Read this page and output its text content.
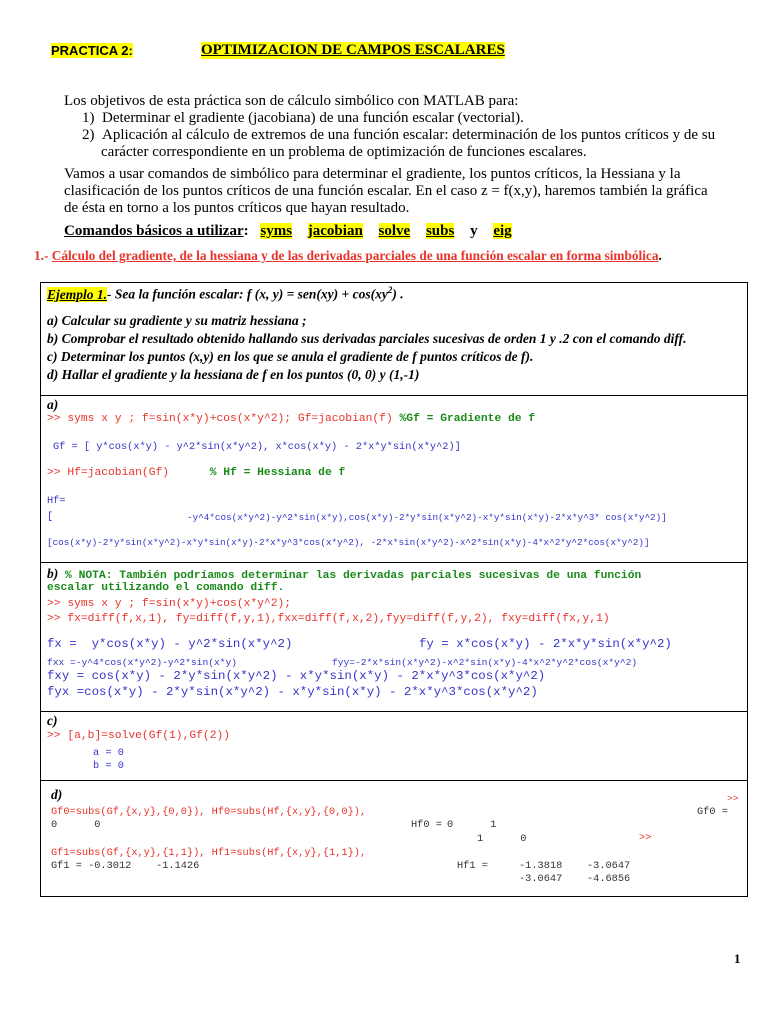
PRACTICA 2:	OPTIMIZACION DE CAMPOS ESCALARES
Los objetivos de esta práctica son de cálculo simbólico con MATLAB para:
1) Determinar el gradiente (jacobiana) de una función escalar (vectorial).
2) Aplicación al cálculo de extremos de una función escalar: determinación de los puntos críticos y de su
carácter correspondiente en un problema de optimización de funciones escalares.
Vamos a usar comandos de simbólico para determinar el gradiente, los puntos críticos, la Hessiana y la
clasificación de los puntos críticos de una función escalar. En el caso z = f(x,y), haremos también la gráfica
de ésta en torno a los puntos críticos que hayan resultado.
Comandos básicos a utilizar: syms jacobian solve subs y eig
1.- Cálculo del gradiente, de la hessiana y de las derivadas parciales de una función escalar en forma simbólica.
Ejemplo 1.- Sea la función escalar: f (x, $y) = sen(xy) + \cos(xy^2)$ .
a) Calcular su gradiente y su matriz hessiana ;
b) Comprobar el resultado obtenido hallando sus derivadas parciales sucesivas de orden 1 y .2 con el comando diff.
c) Determinar los puntos (x,y) en los que se anula el gradiente de f puntos críticos de f).
d) Hallar el gradiente y la hessiana de f en los puntos (0, 0) y (1,-1)
a)
>> syms x y ; f=sin(x*y)+cos(x*y^2); Gf=jacobian(f) %Gf = Gradiente de f
Gf = [ y*cos(x*y) - y^2*sin(x*y^2), x*cos(x*y) - 2*x*y*sin(x*y^2)]
>> Hf=jacobian(Gf)      % Hf = Hessiana de f
Hf=
[	-y^4*cos(x*y^2)-y^2*sin(x*y),cos(x*y)-2*y*sin(x*y^2)-x*y*sin(x*y)-2*x*y^3* cos(x*y^2)]
[cos(x*y)-2*y*sin(x*y^2)-x*y*sin(x*y)-2*x*y^3*cos(x*y^2), -2*x*sin(x*y^2)-x^2*sin(x*y)-4*x^2*y^2*cos(x*y^2)]
b) % NOTA: También podríamos determinar las derivadas parciales sucesivas de una función
escalar utilizando el comando diff.
>> syms x y ; f=sin(x*y)+cos(x*y^2);
>> fx=diff(f,x,1), fy=diff(f,y,1),fxx=diff(f,x,2),fyy=diff(f,y,2), fxy=diff(fx,y,1)
fx =  y*cos(x*y) - y^2*sin(x*y^2)	fy = x*cos(x*y) - 2*x*y*sin(x*y^2)
fxx =-y^4*cos(x*y^2)-y^2*sin(x*y)	fyy=-2*x*sin(x*y^2)-x^2*sin(x*y)-4*x^2*y^2*cos(x*y^2)
fxy = cos(x*y) - 2*y*sin(x*y^2) - x*y*sin(x*y) - 2*x*y^3*cos(x*y^2)
fyx =cos(x*y) - 2*y*sin(x*y^2) - x*y*sin(x*y) - 2*x*y^3*cos(x*y^2)
c)
>> [a,b]=solve(Gf(1),Gf(2))
a = 0
b = 0
d)	>>
Gf0=subs(Gf,{x,y},{0,0}), Hf0=subs(Hf,{x,y},{0,0}),	Gf0 =
0      0	Hf0 = 0      1
1      0	>>
Gf1=subs(Gf,{x,y},{1,1}), Hf1=subs(Hf,{x,y},{1,1}),
Gf1 = -0.3012    -1.1426	Hf1 =	-1.3818    -3.0647
-3.0647    -4.6856
1
